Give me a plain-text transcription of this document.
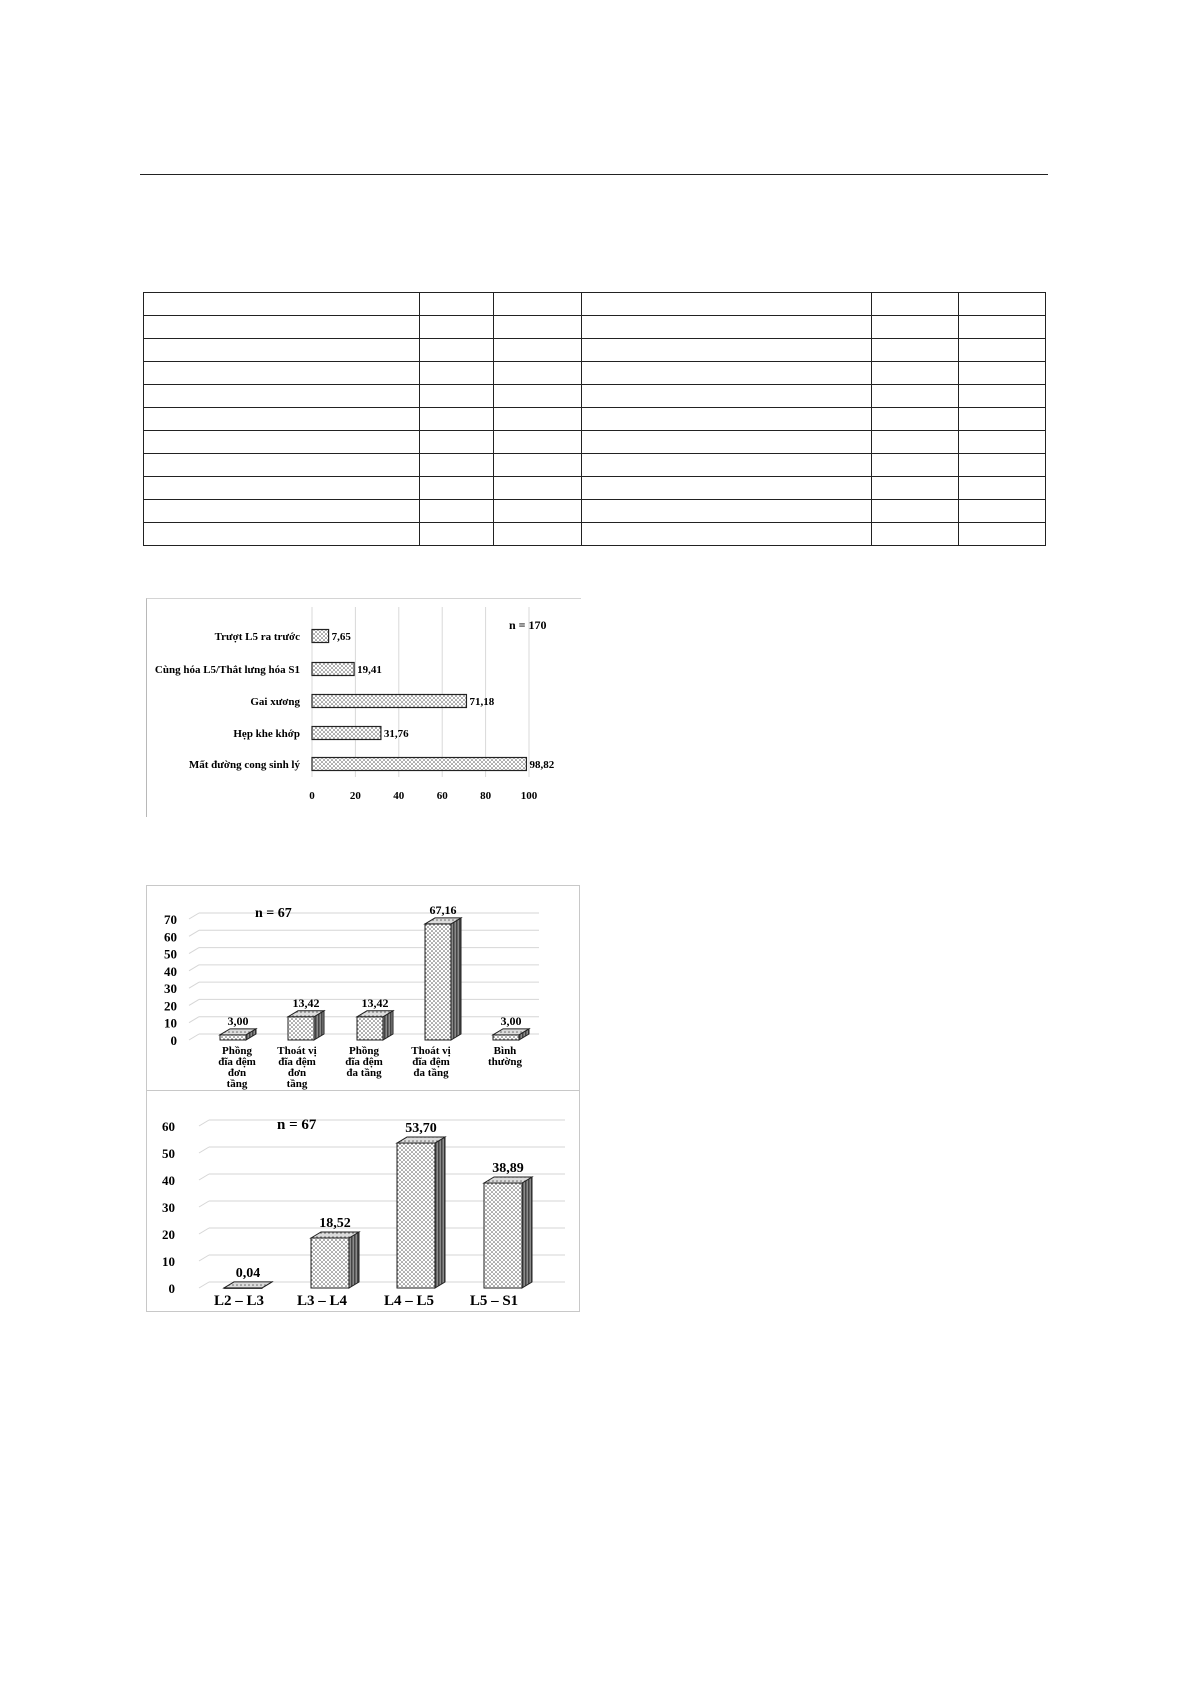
Trượt L5 ra trước
Cùng hóa L5/Thắt lưng hóa S1
Gai xương
Hẹp khe khớp
Mất đường cong sinh lý
7,65
19,41
71,18
31,76
98,82
0	20	40	60	80	100
n = 170
0
10
20
30
40
50
60
70
3,00
13,42	13,42
67,16
3,00
Phồng đĩa đệm đơn tầng
Thoát vị đĩa đệm đơn tầng
Phồng đĩa đệm đa tầng
Thoát vị đĩa đệm đa tầng
Bình thường
n = 67
0
10
20
30
40
50
60
0,04
18,52
53,70
38,89
L2 – L3 L3 – L4 L4 – L5 L5 – S1
n = 67
